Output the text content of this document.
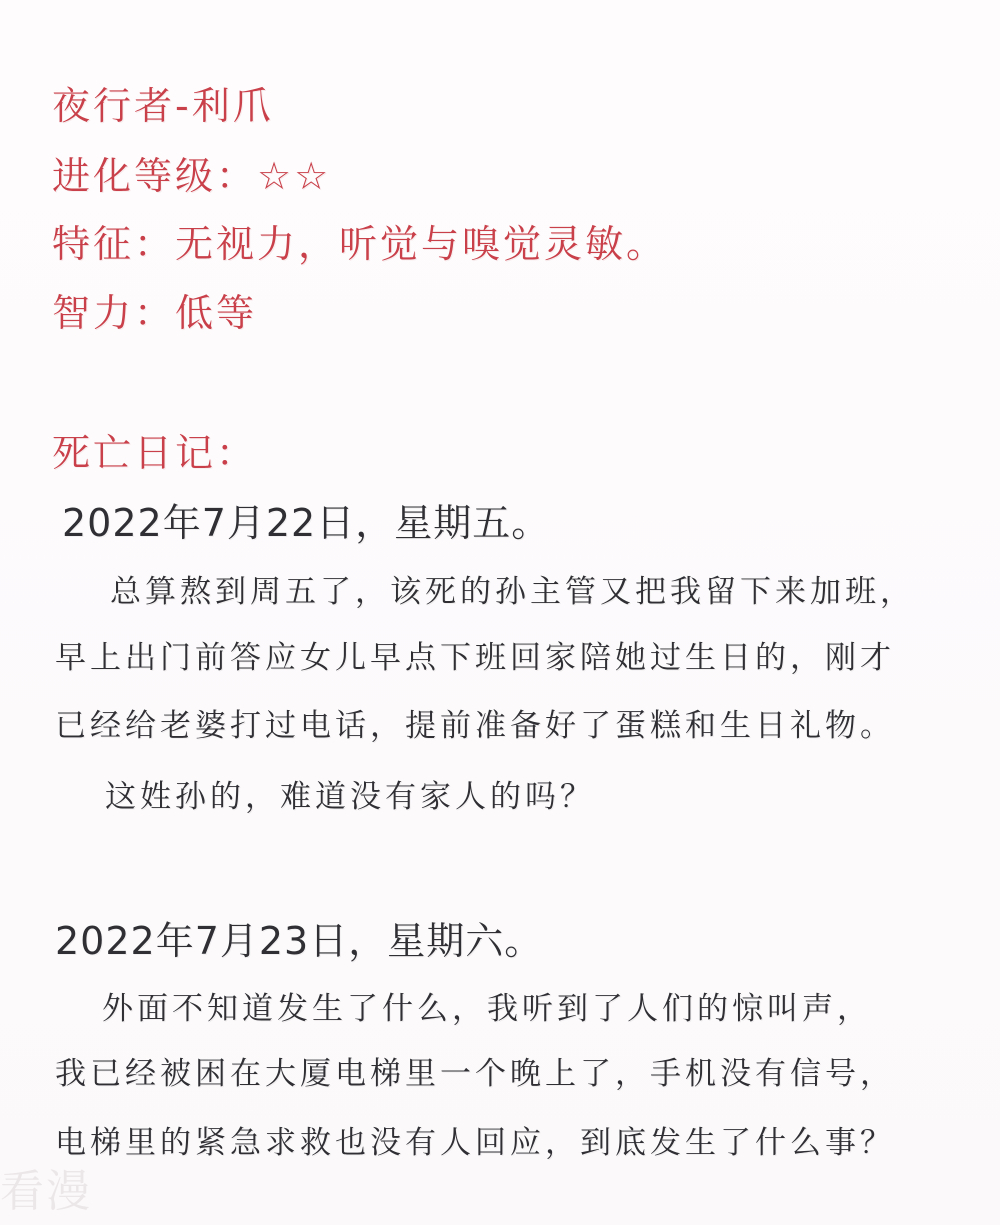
夜行者-利爪
进化等级：☆☆
特征：无视力，听觉与嗅觉灵敏。
智力：低等
死亡日记：
2022年7月22日，星期五。
总算熬到周五了，该死的孙主管又把我留下来加班，
早上出门前答应女儿早点下班回家陪她过生日的，刚才
已经给老婆打过电话，提前准备好了蛋糕和生日礼物。
这姓孙的，难道没有家人的吗？
2022年7月23日，星期六。
外面不知道发生了什么，我听到了人们的惊叫声，
我已经被困在大厦电梯里一个晚上了，手机没有信号，
电梯里的紧急求救也没有人回应，到底发生了什么事？
看漫
